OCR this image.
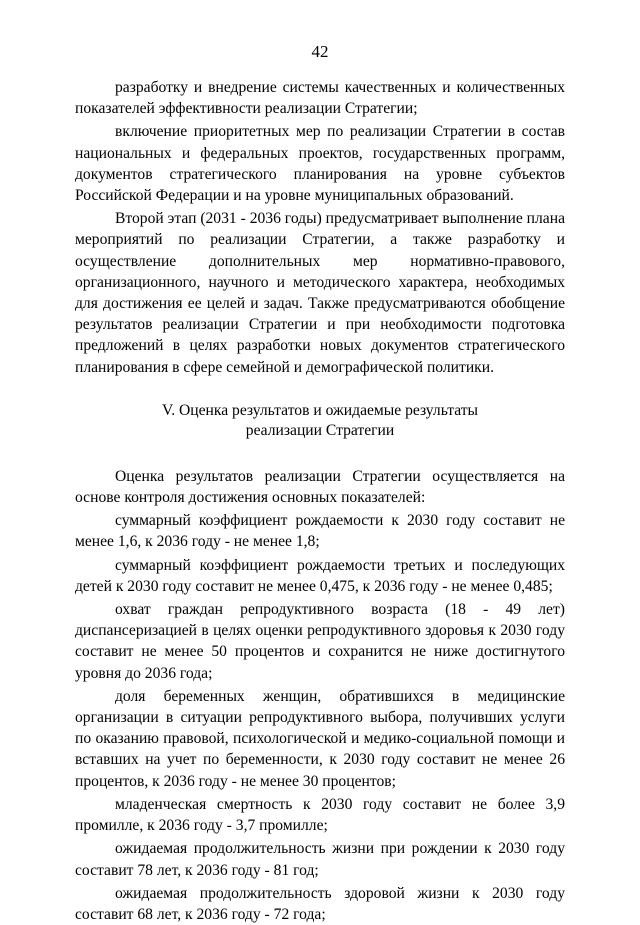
42

разработку и внедрение системы качественных и количественных показателей эффективности реализации Стратегии;

включение приоритетных мер по реализации Стратегии в состав национальных и федеральных проектов, государственных программ, документов стратегического планирования на уровне субъектов Российской Федерации и на уровне муниципальных образований.

Второй этап (2031 - 2036 годы) предусматривает выполнение плана мероприятий по реализации Стратегии, а также разработку и осуществление дополнительных мер нормативно-правового, организационного, научного и методического характера, необходимых для достижения ее целей и задач. Также предусматриваются обобщение результатов реализации Стратегии и при необходимости подготовка предложений в целях разработки новых документов стратегического планирования в сфере семейной и демографической политики.

V. Оценка результатов и ожидаемые результаты
реализации Стратегии

Оценка результатов реализации Стратегии осуществляется на основе контроля достижения основных показателей:

суммарный коэффициент рождаемости к 2030 году составит не менее 1,6, к 2036 году - не менее 1,8;

суммарный коэффициент рождаемости третьих и последующих детей к 2030 году составит не менее 0,475, к 2036 году - не менее 0,485;

охват граждан репродуктивного возраста (18 - 49 лет) диспансеризацией в целях оценки репродуктивного здоровья к 2030 году составит не менее 50 процентов и сохранится не ниже достигнутого уровня до 2036 года;

доля беременных женщин, обратившихся в медицинские организации в ситуации репродуктивного выбора, получивших услуги по оказанию правовой, психологической и медико-социальной помощи и вставших на учет по беременности, к 2030 году составит не менее 26 процентов, к 2036 году - не менее 30 процентов;

младенческая смертность к 2030 году составит не более 3,9 промилле, к 2036 году - 3,7 промилле;

ожидаемая продолжительность жизни при рождении к 2030 году составит 78 лет, к 2036 году - 81 год;

ожидаемая продолжительность здоровой жизни к 2030 году составит 68 лет, к 2036 году - 72 года;
